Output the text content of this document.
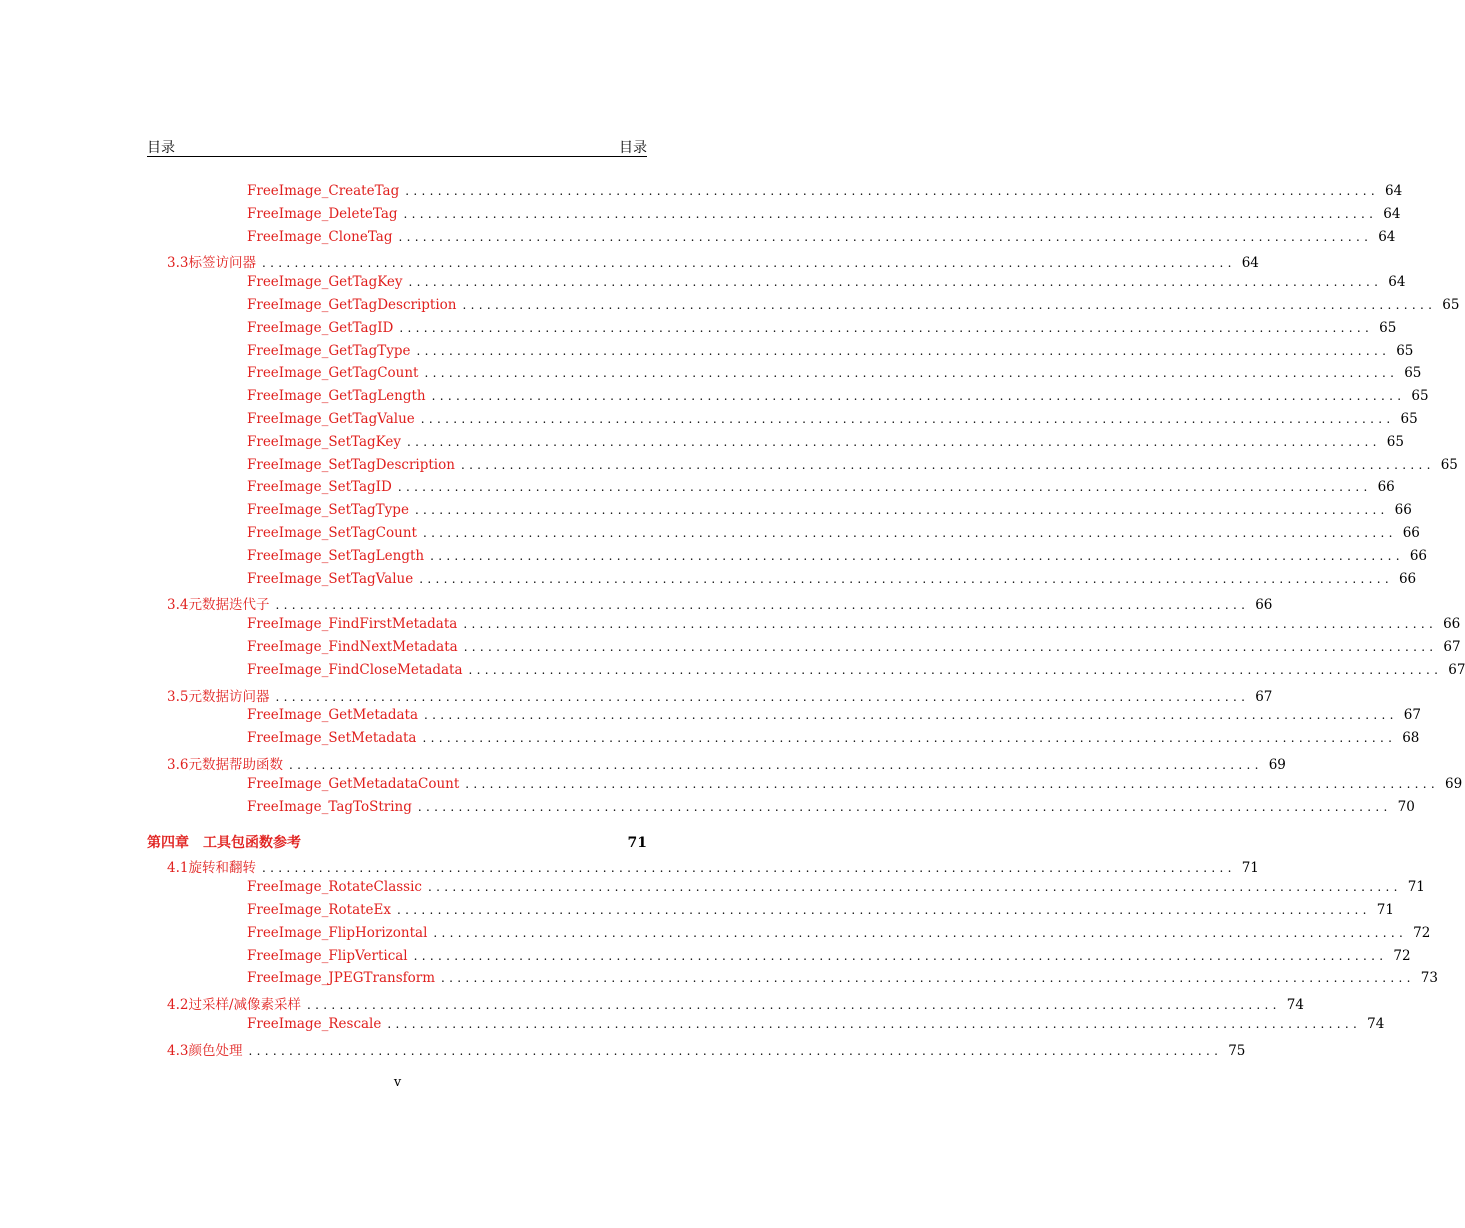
目录	目录
FreeImage_CreateTag ........................................................................................................................ 64
FreeImage_DeleteTag ........................................................................................................................ 64
FreeImage_CloneTag ........................................................................................................................ 64
3.3 标签访问器 ........................................................................................................................ 64
FreeImage_GetTagKey ........................................................................................................................ 64
FreeImage_GetTagDescription ........................................................................................................................ 65
FreeImage_GetTagID ........................................................................................................................ 65
FreeImage_GetTagType ........................................................................................................................ 65
FreeImage_GetTagCount ........................................................................................................................ 65
FreeImage_GetTagLength ........................................................................................................................ 65
FreeImage_GetTagValue ........................................................................................................................ 65
FreeImage_SetTagKey ........................................................................................................................ 65
FreeImage_SetTagDescription ........................................................................................................................ 65
FreeImage_SetTagID ........................................................................................................................ 66
FreeImage_SetTagType ........................................................................................................................ 66
FreeImage_SetTagCount ........................................................................................................................ 66
FreeImage_SetTagLength ........................................................................................................................ 66
FreeImage_SetTagValue ........................................................................................................................ 66
3.4 元数据迭代子 ........................................................................................................................ 66
FreeImage_FindFirstMetadata ........................................................................................................................ 66
FreeImage_FindNextMetadata ........................................................................................................................ 67
FreeImage_FindCloseMetadata ........................................................................................................................ 67
3.5 元数据访问器 ........................................................................................................................ 67
FreeImage_GetMetadata ........................................................................................................................ 67
FreeImage_SetMetadata ........................................................................................................................ 68
3.6 元数据帮助函数 ........................................................................................................................ 69
FreeImage_GetMetadataCount ........................................................................................................................ 69
FreeImage_TagToString ........................................................................................................................ 70
第四章 工具包函数参考	71
4.1 旋转和翻转 ........................................................................................................................ 71
FreeImage_RotateClassic ........................................................................................................................ 71
FreeImage_RotateEx ........................................................................................................................ 71
FreeImage_FlipHorizontal ........................................................................................................................ 72
FreeImage_FlipVertical ........................................................................................................................ 72
FreeImage_JPEGTransform ........................................................................................................................ 73
4.2 过采样/减像素采样 ........................................................................................................................ 74
FreeImage_Rescale ........................................................................................................................ 74
4.3 颜色处理 ........................................................................................................................ 75
v
